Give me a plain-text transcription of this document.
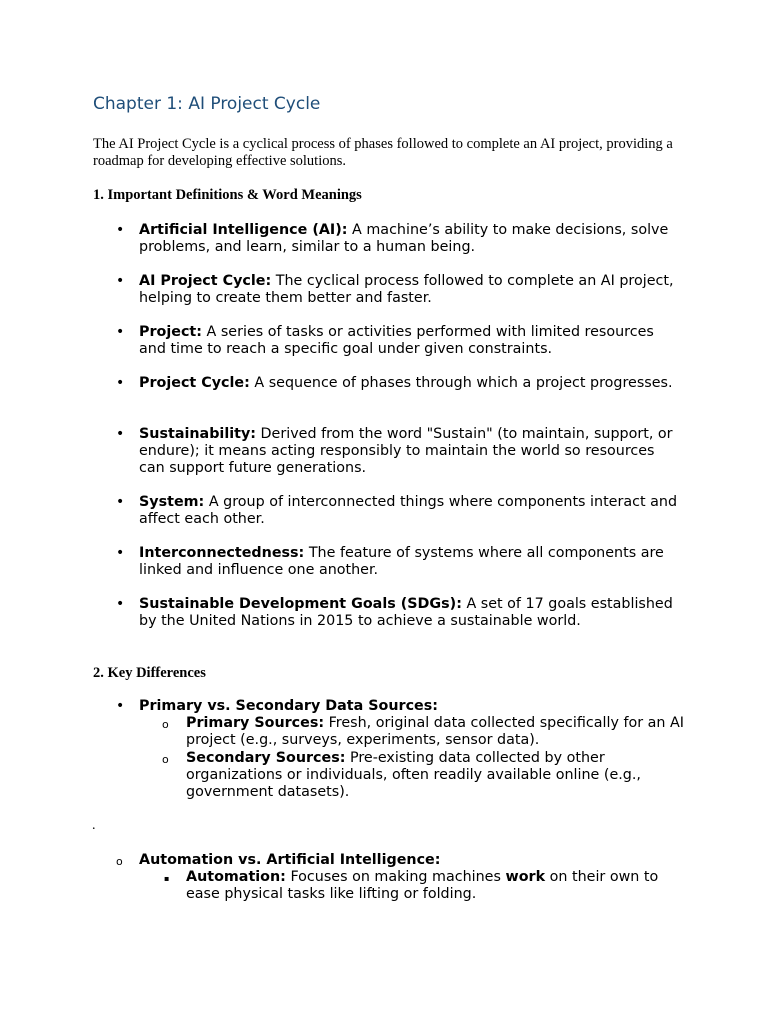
Chapter 1: AI Project Cycle

The AI Project Cycle is a cyclical process of phases followed to complete an AI project, providing a roadmap for developing effective solutions.

1. Important Definitions & Word Meanings

• Artificial Intelligence (AI): A machine’s ability to make decisions, solve problems, and learn, similar to a human being.
• AI Project Cycle: The cyclical process followed to complete an AI project, helping to create them better and faster.
• Project: A series of tasks or activities performed with limited resources and time to reach a specific goal under given constraints.
• Project Cycle: A sequence of phases through which a project progresses.
• Sustainability: Derived from the word "Sustain" (to maintain, support, or endure); it means acting responsibly to maintain the world so resources can support future generations.
• System: A group of interconnected things where components interact and affect each other.
• Interconnectedness: The feature of systems where all components are linked and influence one another.
• Sustainable Development Goals (SDGs): A set of 17 goals established by the United Nations in 2015 to achieve a sustainable world.

2. Key Differences

• Primary vs. Secondary Data Sources:
o Primary Sources: Fresh, original data collected specifically for an AI project (e.g., surveys, experiments, sensor data).
o Secondary Sources: Pre-existing data collected by other organizations or individuals, often readily available online (e.g., government datasets).
.
o Automation vs. Artificial Intelligence:
▪ Automation: Focuses on making machines work on their own to ease physical tasks like lifting or folding.
